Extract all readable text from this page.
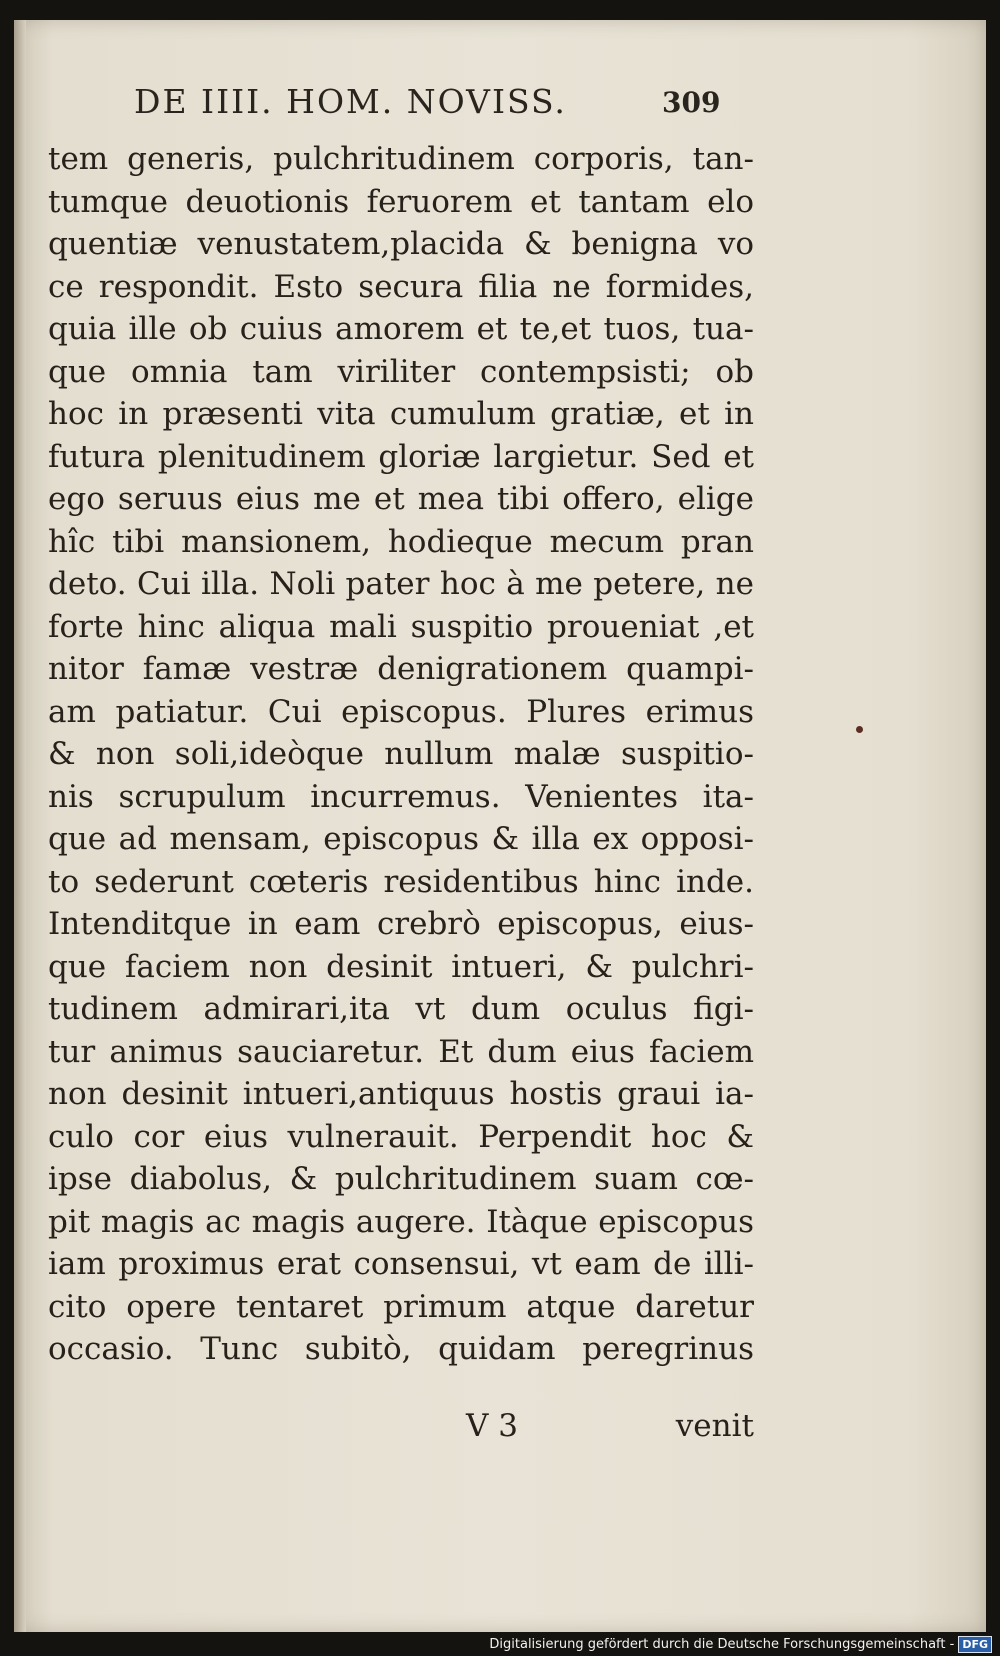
DE IIII. HOM. NOVISS.	309
tem generis, pulchritudinem corporis, tan-
tumque deuotionis feruorem et tantam elo
quentiæ venustatem,placida & benigna vo
ce respondit. Esto secura filia ne formides,
quia ille ob cuius amorem et te,et tuos, tua-
que omnia tam viriliter contempsisti; ob
hoc in præsenti vita cumulum gratiæ, et in
futura plenitudinem gloriæ largietur. Sed et
ego seruus eius me et mea tibi offero, elige
hîc tibi mansionem, hodieque mecum pran
deto. Cui illa. Noli pater hoc à me petere, ne
forte hinc aliqua mali suspitio proueniat ,et
nitor famæ vestræ denigrationem quampi-
am patiatur. Cui episcopus. Plures erimus
& non soli,ideòque nullum malæ suspitio-
nis scrupulum incurremus. Venientes ita-
que ad mensam, episcopus & illa ex opposi-
to sederunt cœteris residentibus hinc inde.
Intenditque in eam crebrò episcopus, eius-
que faciem non desinit intueri, & pulchri-
tudinem admirari,ita vt dum oculus figi-
tur animus sauciaretur. Et dum eius faciem
non desinit intueri,antiquus hostis graui ia-
culo cor eius vulnerauit. Perpendit hoc &
ipse diabolus, & pulchritudinem suam cœ-
pit magis ac magis augere. Itàque episcopus
iam proximus erat consensui, vt eam de illi-
cito opere tentaret primum atque daretur
occasio. Tunc subitò, quidam peregrinus
V 3	venit
Digitalisierung gefördert durch die Deutsche Forschungsgemeinschaft - DFG
